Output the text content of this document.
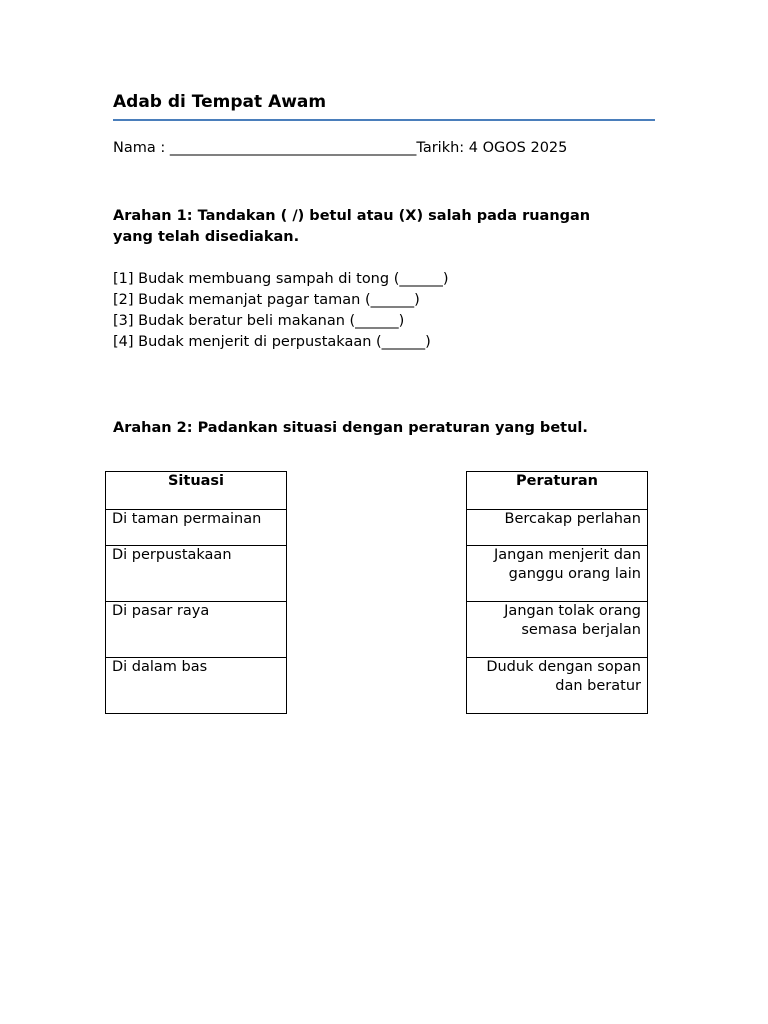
Adab di Tempat Awam
Nama : __________________________________Tarikh: 4 OGOS 2025

Arahan 1: Tandakan ( /) betul atau (X) salah pada ruangan yang telah disediakan.

[1] Budak membuang sampah di tong (______)
[2] Budak memanjat pagar taman (______)
[3] Budak beratur beli makanan (______)
[4] Budak menjerit di perpustakaan (______)

Arahan 2: Padankan situasi dengan peraturan yang betul.

Situasi
Di taman permainan
Di perpustakaan
Di pasar raya
Di dalam bas
Peraturan
Bercakap perlahan
Jangan menjerit dan ganggu orang lain
Jangan tolak orang semasa berjalan
Duduk dengan sopan dan beratur
